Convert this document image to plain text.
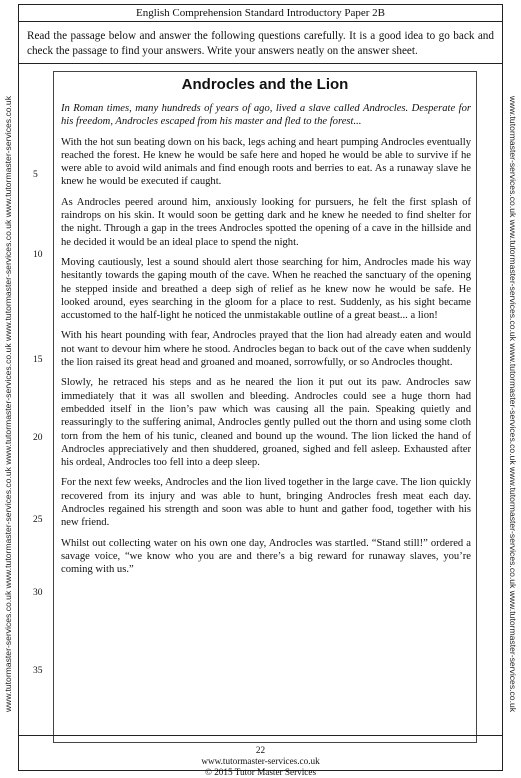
www.tutormaster-services.co.uk www.tutormaster-services.co.uk www.tutormaster-services.co.uk www.tutormaster-services.co.uk www.tutormaster-services.co.uk	www.tutormaster-services.co.uk www.tutormaster-services.co.uk www.tutormaster-services.co.uk www.tutormaster-services.co.uk www.tutormaster-services.co.uk
English Comprehension Standard Introductory Paper 2B
Read the passage below and answer the following questions carefully. It is a good idea to go back and check the passage to find your answers. Write your answers neatly on the answer sheet.
Androcles and the Lion

In Roman times, many hundreds of years of ago, lived a slave called Androcles. Desperate for his freedom, Androcles escaped from his master and fled to the forest...

With the hot sun beating down on his back, legs aching and heart pumping Androcles eventually reached the forest. He knew he would be safe here and hoped he would be able to survive if he were able to avoid wild animals and find enough roots and berries to eat. As a runaway slave he knew he would be executed if caught.

As Androcles peered around him, anxiously looking for pursuers, he felt the first splash of raindrops on his skin. It would soon be getting dark and he knew he needed to find shelter for the night. Through a gap in the trees Androcles spotted the opening of a cave in the hillside and he decided it would be an ideal place to spend the night.

Moving cautiously, lest a sound should alert those searching for him, Androcles made his way hesitantly towards the gaping mouth of the cave. When he reached the sanctuary of the opening he stepped inside and breathed a deep sigh of relief as he knew now he would be safe. He looked around, eyes searching in the gloom for a place to rest. Suddenly, as his sight became accustomed to the half-light he noticed the unmistakable outline of a great beast... a lion!

With his heart pounding with fear, Androcles prayed that the lion had already eaten and would not want to devour him where he stood. Androcles began to back out of the cave when suddenly the lion raised its great head and groaned and moaned, sorrowfully, or so Androcles thought.

Slowly, he retraced his steps and as he neared the lion it put out its paw. Androcles saw immediately that it was all swollen and bleeding. Androcles could see a huge thorn had embedded itself in the lion’s paw which was causing all the pain. Speaking quietly and reassuringly to the suffering animal, Androcles gently pulled out the thorn and using some cloth torn from the hem of his tunic, cleaned and bound up the wound. The lion licked the hand of Androcles appreciatively and then shuddered, groaned, sighed and fell asleep. Exhausted after his ordeal, Androcles too fell into a deep sleep.

For the next few weeks, Androcles and the lion lived together in the large cave. The lion quickly recovered from its injury and was able to hunt, bringing Androcles fresh meat each day. Androcles regained his strength and soon was able to hunt and gather food, together with his new friend.

Whilst out collecting water on his own one day, Androcles was startled. “Stand still!” ordered a savage voice, “we know who you are and there’s a big reward for runaway slaves, you’re coming with us.”

5
10
15
20
25
30
35
22
www.tutormaster-services.co.uk
© 2015 Tutor Master Services
